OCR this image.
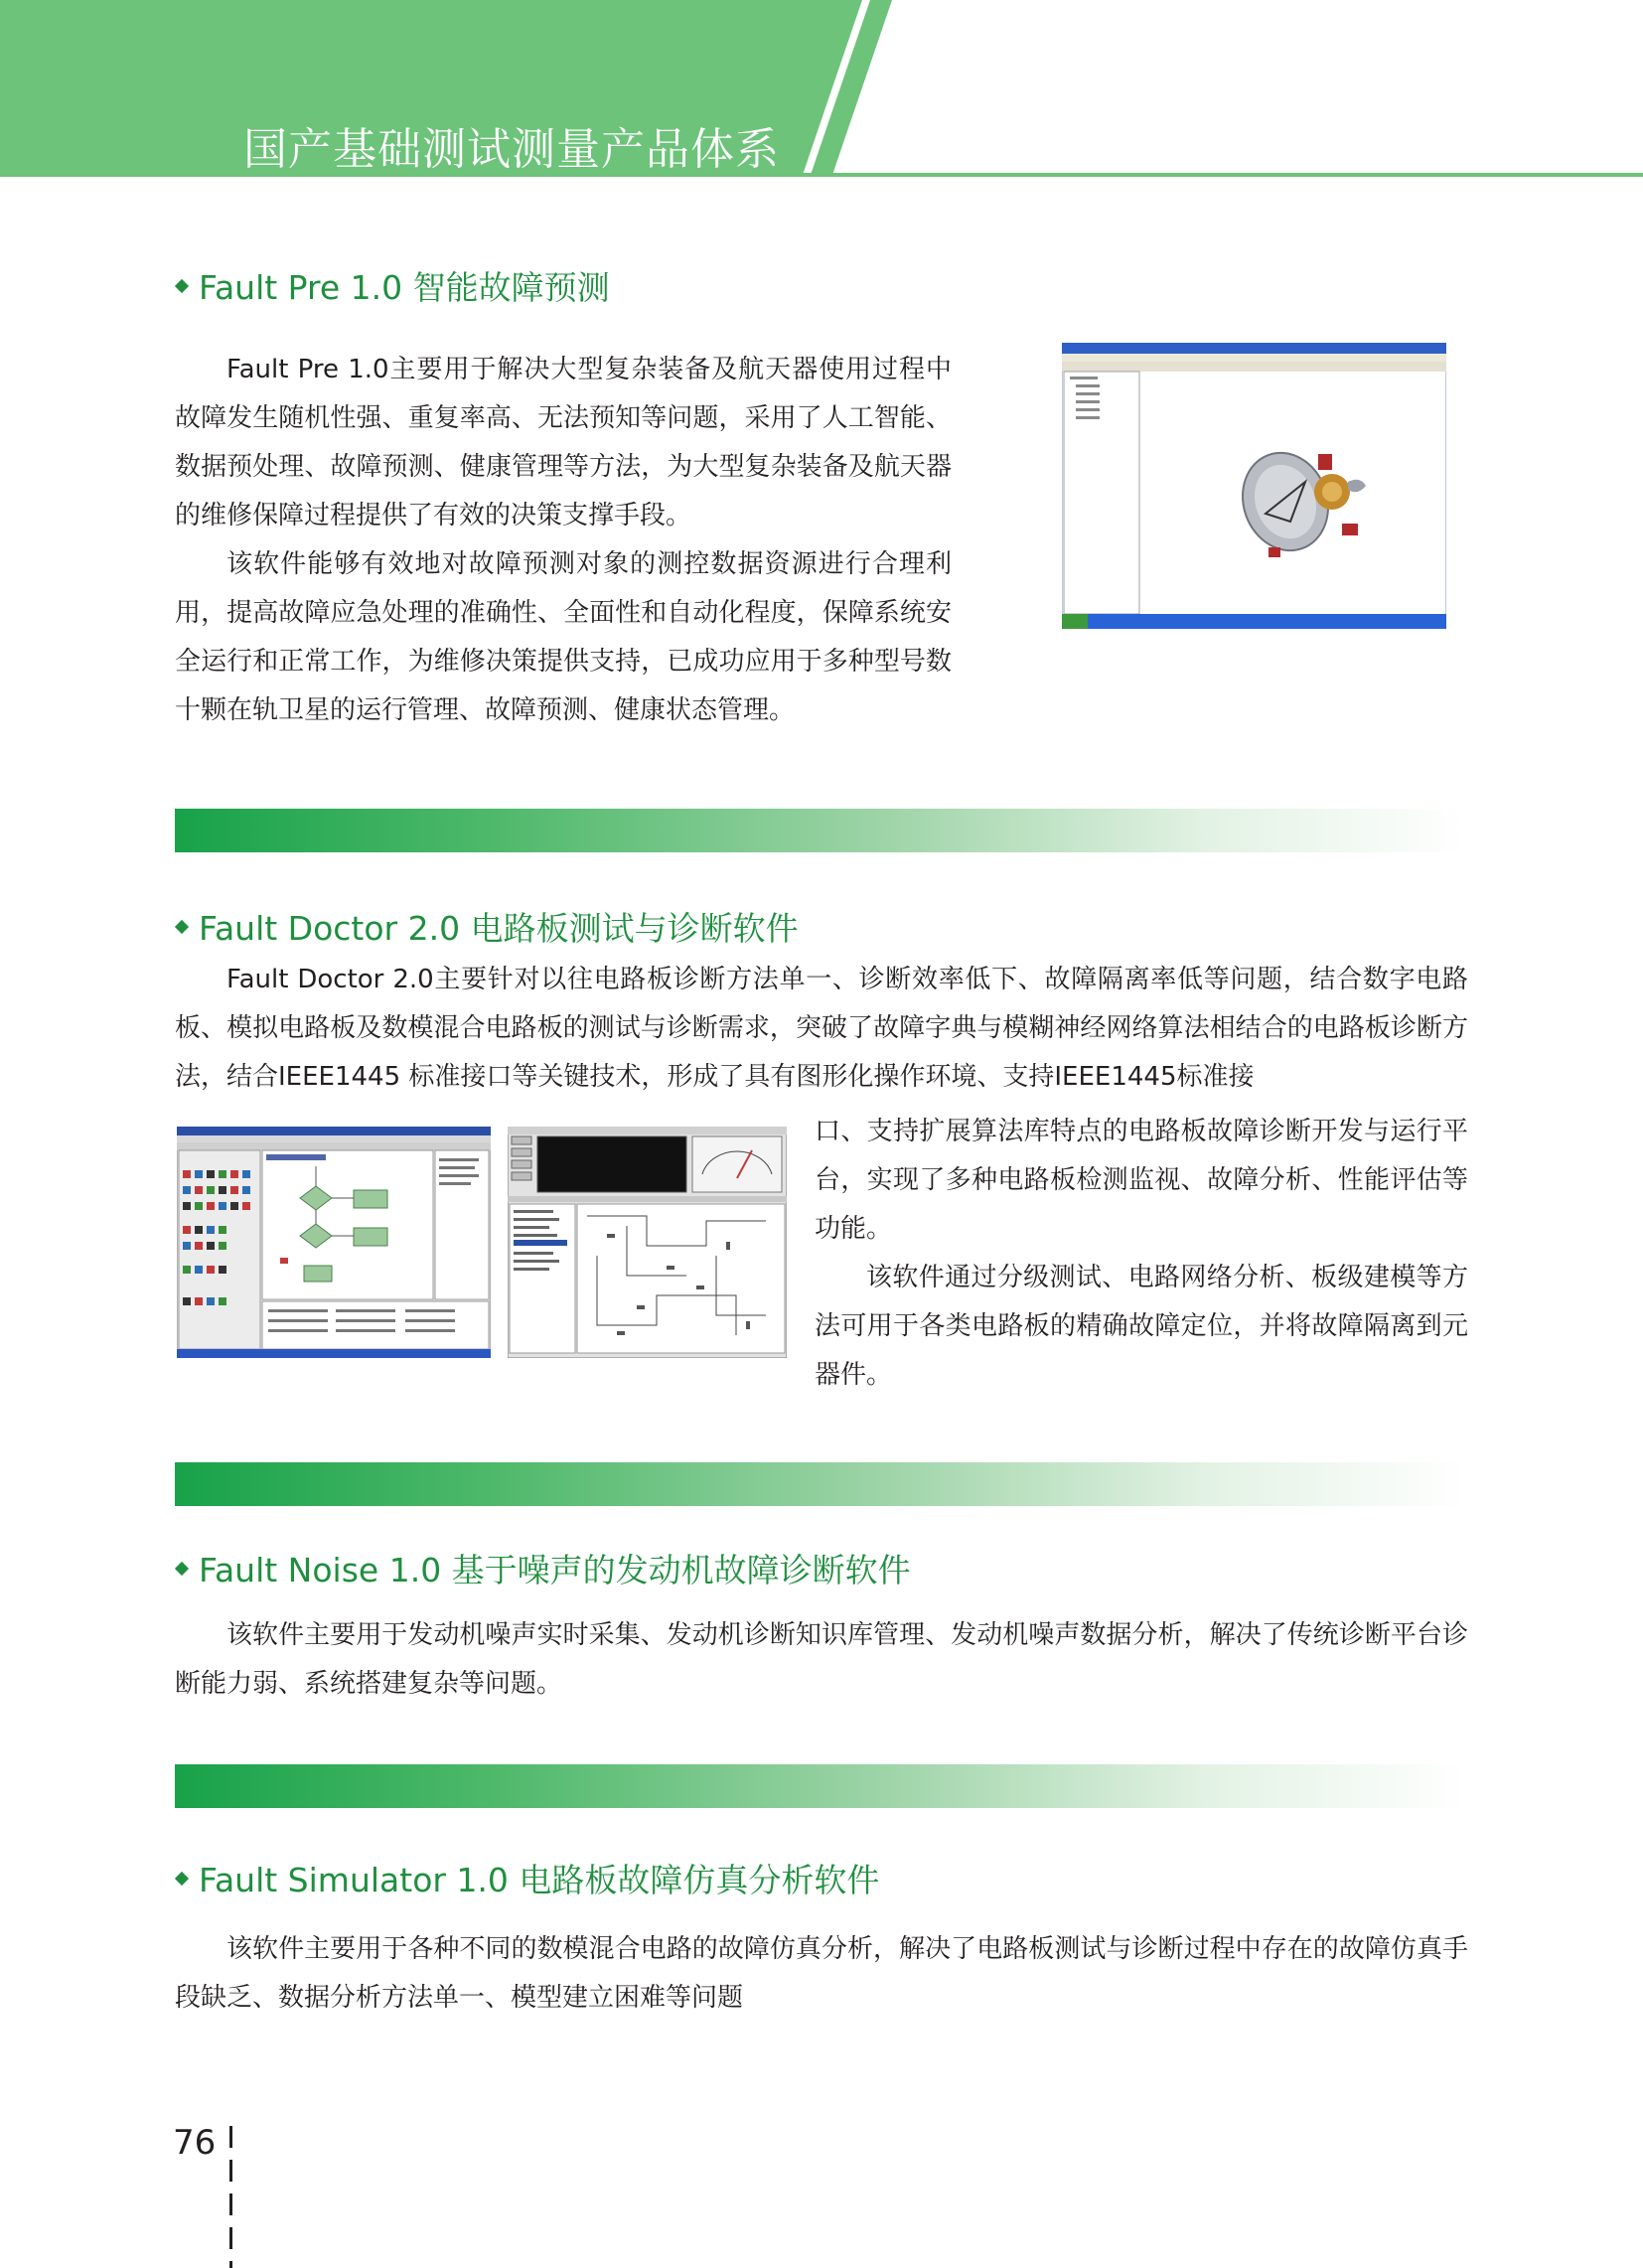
国产基础测试测量产品体系
Fault Pre 1.0 智能故障预测

Fault Pre 1.0主要用于解决大型复杂装备及航天器使用过程中故障发生随机性强、重复率高、无法预知等问题，采用了人工智能、数据预处理、故障预测、健康管理等方法，为大型复杂装备及航天器的维修保障过程提供了有效的决策支撑手段。

该软件能够有效地对故障预测对象的测控数据资源进行合理利用，提高故障应急处理的准确性、全面性和自动化程度，保障系统安全运行和正常工作，为维修决策提供支持，已成功应用于多种型号数十颗在轨卫星的运行管理、故障预测、健康状态管理。

Fault Doctor 2.0 电路板测试与诊断软件

Fault Doctor 2.0主要针对以往电路板诊断方法单一、诊断效率低下、故障隔离率低等问题，结合数字电路板、模拟电路板及数模混合电路板的测试与诊断需求，突破了故障字典与模糊神经网络算法相结合的电路板诊断方法，结合IEEE1445 标准接口等关键技术，形成了具有图形化操作环境、支持IEEE1445标准接

口、支持扩展算法库特点的电路板故障诊断开发与运行平台，实现了多种电路板检测监视、故障分析、性能评估等功能。

该软件通过分级测试、电路网络分析、板级建模等方法可用于各类电路板的精确故障定位，并将故障隔离到元器件。

Fault Noise 1.0 基于噪声的发动机故障诊断软件

该软件主要用于发动机噪声实时采集、发动机诊断知识库管理、发动机噪声数据分析，解决了传统诊断平台诊断能力弱、系统搭建复杂等问题。

Fault Simulator 1.0 电路板故障仿真分析软件

该软件主要用于各种不同的数模混合电路的故障仿真分析，解决了电路板测试与诊断过程中存在的故障仿真手段缺乏、数据分析方法单一、模型建立困难等问题

76
